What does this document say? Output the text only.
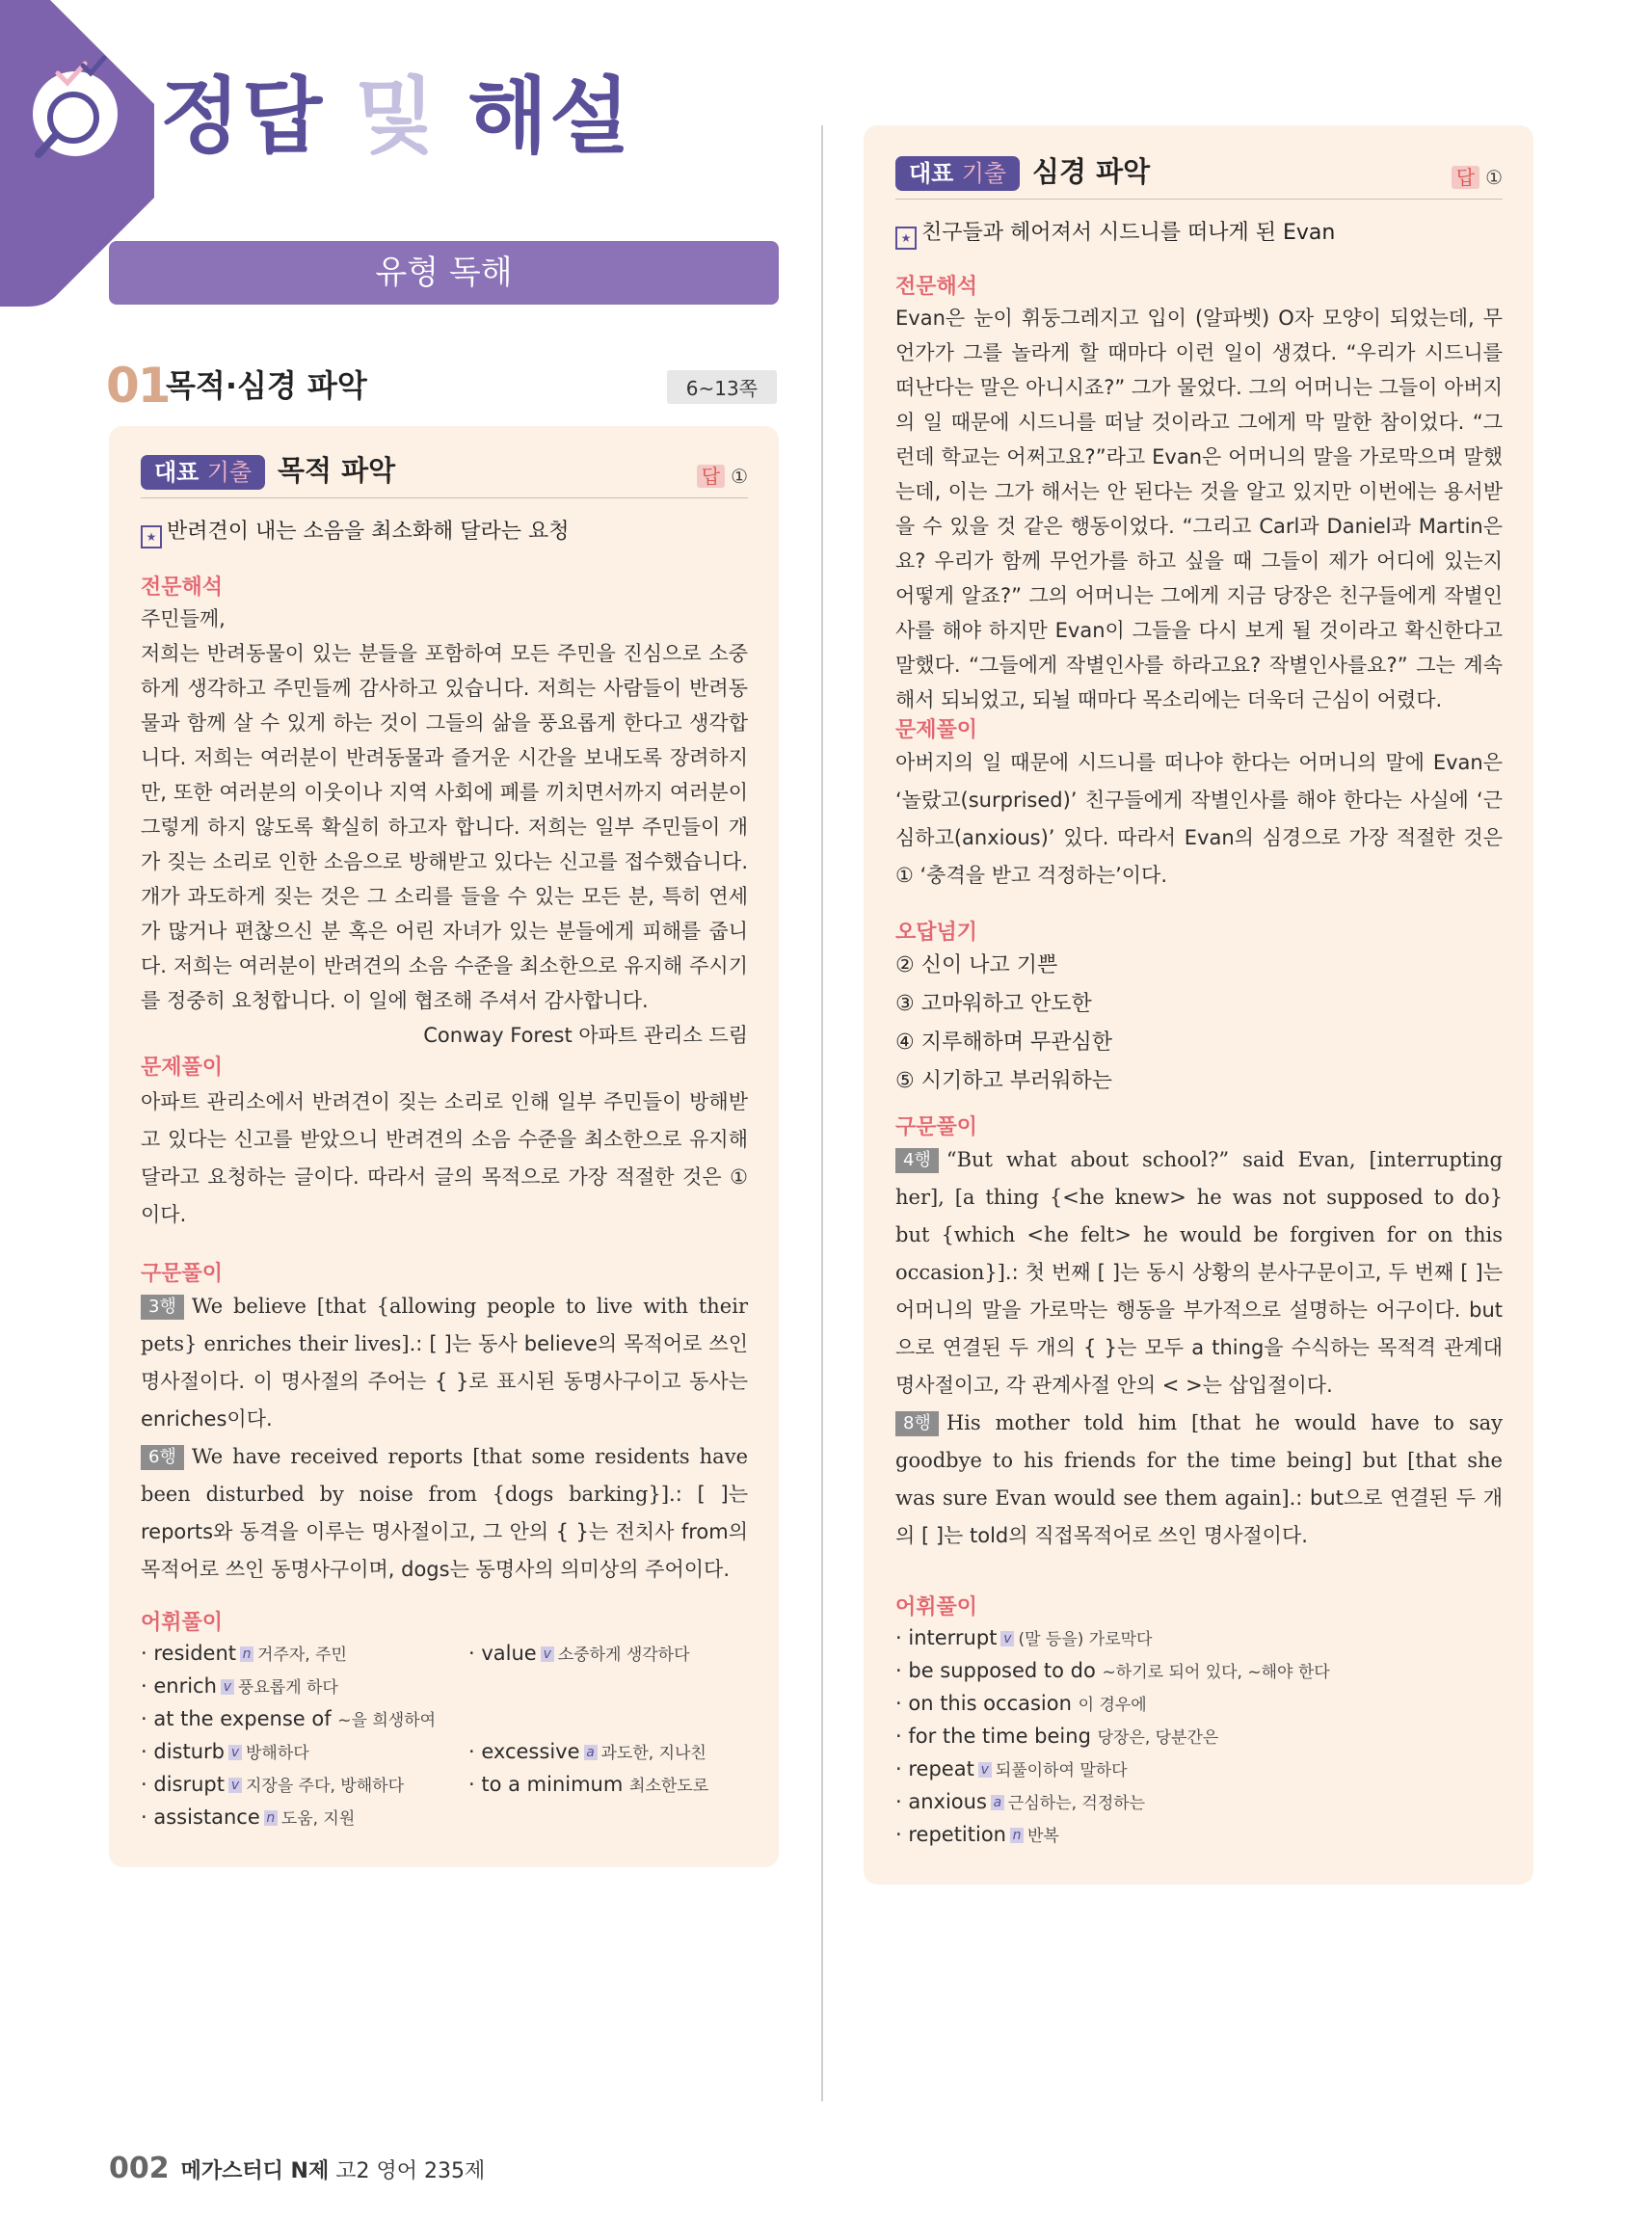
정답 및 해설
유형 독해
01
목적·심경 파악	6~13쪽
대표 기출 목적 파악	답 ①
★ 반려견이 내는 소음을 최소화해 달라는 요청
전문해석

주민들께,

저희는 반려동물이 있는 분들을 포함하여 모든 주민을 진심으로 소중하게 생각하고 주민들께 감사하고 있습니다. 저희는 사람들이 반려동물과 함께 살 수 있게 하는 것이 그들의 삶을 풍요롭게 한다고 생각합니다. 저희는 여러분이 반려동물과 즐거운 시간을 보내도록 장려하지만, 또한 여러분의 이웃이나 지역 사회에 폐를 끼치면서까지 여러분이 그렇게 하지 않도록 확실히 하고자 합니다. 저희는 일부 주민들이 개가 짖는 소리로 인한 소음으로 방해받고 있다는 신고를 접수했습니다. 개가 과도하게 짖는 것은 그 소리를 들을 수 있는 모든 분, 특히 연세가 많거나 편찮으신 분 혹은 어린 자녀가 있는 분들에게 피해를 줍니다. 저희는 여러분이 반려견의 소음 수준을 최소한으로 유지해 주시기를 정중히 요청합니다. 이 일에 협조해 주셔서 감사합니다.

Conway Forest 아파트 관리소 드림

문제풀이
아파트 관리소에서 반려견이 짖는 소리로 인해 일부 주민들이 방해받고 있다는 신고를 받았으니 반려견의 소음 수준을 최소한으로 유지해 달라고 요청하는 글이다. 따라서 글의 목적으로 가장 적절한 것은 ① 이다.
구문풀이

3행 We believe [that {allowing people to live with their pets} enriches their lives].: [ ]는 동사 believe의 목적어로 쓰인 명사절이다. 이 명사절의 주어는 { }로 표시된 동명사구이고 동사는 enriches이다.

6행 We have received reports [that some residents have been disturbed by noise from {dogs barking}].: [ ]는 reports와 동격을 이루는 명사절이고, 그 안의 { }는 전치사 from의 목적어로 쓰인 동명사구이며, dogs는 동명사의 의미상의 주어이다.

어휘풀이
· resident n 거주자, 주민	· value v 소중하게 생각하다
· enrich v 풍요롭게 하다
· at the expense of ~을 희생하여
· disturb v 방해하다	· excessive a 과도한, 지나친
· disrupt v 지장을 주다, 방해하다	· to a minimum 최소한도로
· assistance n 도움, 지원
대표 기출 심경 파악	답 ①
★ 친구들과 헤어져서 시드니를 떠나게 된 Evan
전문해석
Evan은 눈이 휘둥그레지고 입이 (알파벳) O자 모양이 되었는데, 무언가가 그를 놀라게 할 때마다 이런 일이 생겼다. “우리가 시드니를 떠난다는 말은 아니시죠?” 그가 물었다. 그의 어머니는 그들이 아버지의 일 때문에 시드니를 떠날 것이라고 그에게 막 말한 참이었다. “그런데 학교는 어쩌고요?”라고 Evan은 어머니의 말을 가로막으며 말했는데, 이는 그가 해서는 안 된다는 것을 알고 있지만 이번에는 용서받을 수 있을 것 같은 행동이었다. “그리고 Carl과 Daniel과 Martin은요? 우리가 함께 무언가를 하고 싶을 때 그들이 제가 어디에 있는지 어떻게 알죠?” 그의 어머니는 그에게 지금 당장은 친구들에게 작별인사를 해야 하지만 Evan이 그들을 다시 보게 될 것이라고 확신한다고 말했다. “그들에게 작별인사를 하라고요? 작별인사를요?” 그는 계속해서 되뇌었고, 되뇔 때마다 목소리에는 더욱더 근심이 어렸다.
문제풀이
아버지의 일 때문에 시드니를 떠나야 한다는 어머니의 말에 Evan은 ‘놀랐고(surprised)’ 친구들에게 작별인사를 해야 한다는 사실에 ‘근심하고(anxious)’ 있다. 따라서 Evan의 심경으로 가장 적절한 것은 ① ‘충격을 받고 걱정하는’이다.
오답넘기
② 신이 나고 기쁜
③ 고마워하고 안도한
④ 지루해하며 무관심한
⑤ 시기하고 부러워하는
구문풀이

4행 “But what about school?” said Evan, [interrupting her], [a thing {<he knew> he was not supposed to do} but {which <he felt> he would be forgiven for on this occasion}].: 첫 번째 [ ]는 동시 상황의 분사구문이고, 두 번째 [ ]는 어머니의 말을 가로막는 행동을 부가적으로 설명하는 어구이다. but으로 연결된 두 개의 { }는 모두 a thing을 수식하는 목적격 관계대명사절이고, 각 관계사절 안의 < >는 삽입절이다.

8행 His mother told him [that he would have to say goodbye to his friends for the time being] but [that she was sure Evan would see them again].: but으로 연결된 두 개의 [ ]는 told의 직접목적어로 쓰인 명사절이다.

어휘풀이
· interrupt v (말 등을) 가로막다
· be supposed to do ~하기로 되어 있다, ~해야 한다
· on this occasion 이 경우에
· for the time being 당장은, 당분간은
· repeat v 되풀이하여 말하다
· anxious a 근심하는, 걱정하는
· repetition n 반복
002 메가스터디 N제 고2 영어 235제
